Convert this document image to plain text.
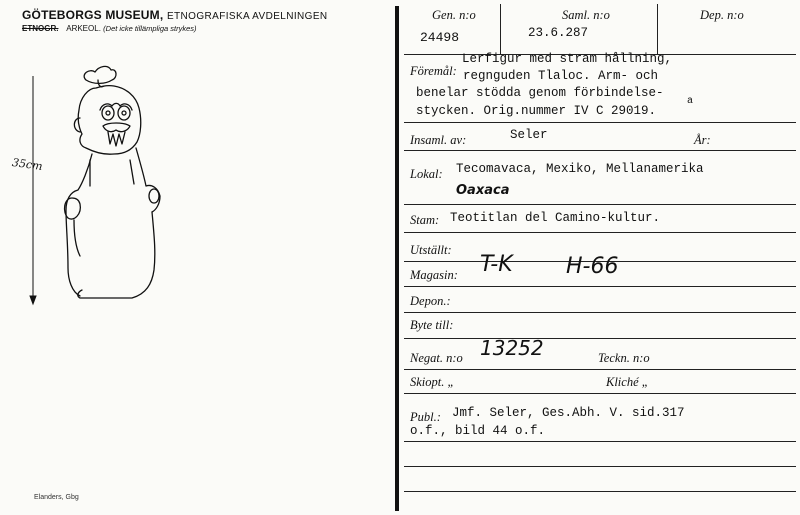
GÖTEBORGS MUSEUM, ETNOGRAFISKA AVDELNINGEN
ETNOGR. ARKEOL. (Det icke tillämpliga strykes)
35cm
Elanders, Gbg
Gen. n:o
24498
Saml. n:o
23.6.287
Dep. n:o
Föremål:
Lerfigur med stram hållning,
regnguden Tlaloc. Arm- och
benelar stödda genom förbindelse-
stycken. Orig.nummer IV C 29019.
a
Insaml. av:	Seler	År:
Lokal: Tecomavaca, Mexiko, Mellanamerika
Oaxaca
Stam: Teotitlan del Camino-kultur.
Utställt:
Magasin: T-K H-66
Depon.:
Byte till:
Negat. n:o 13252	Teckn. n:o
Skiopt. „	Kliché „
Publ.: Jmf. Seler, Ges.Abh. V. sid.317
o.f., bild 44 o.f.
